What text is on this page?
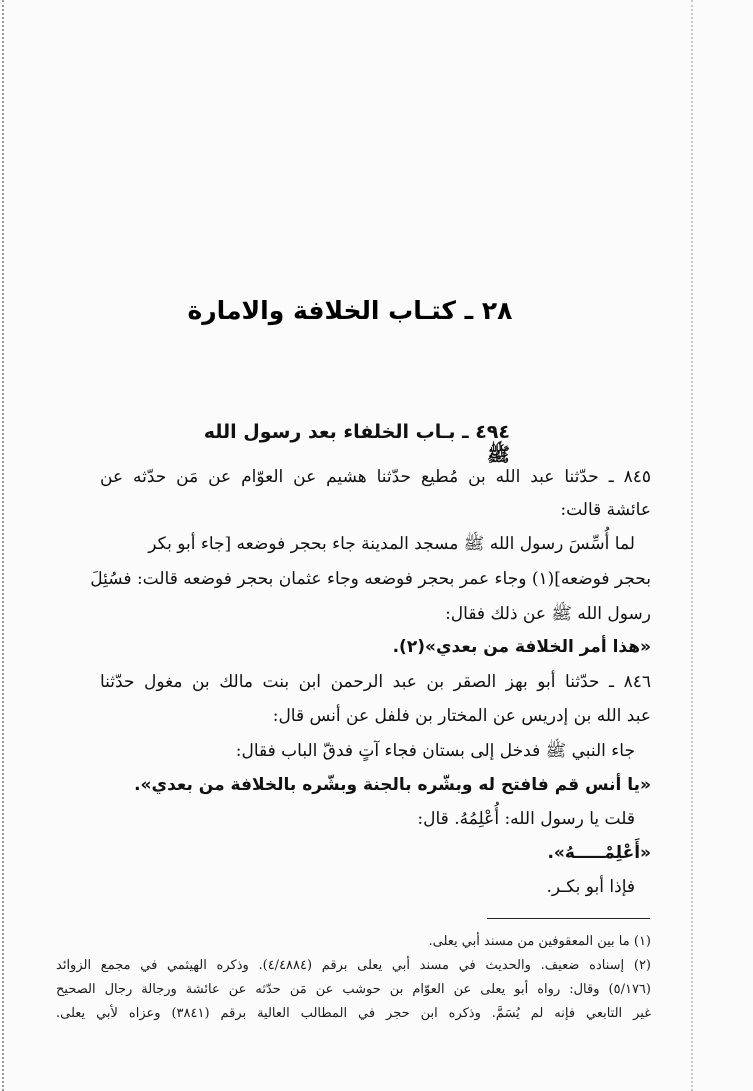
٢٨ ـ كتـاب الخلافة والامارة
٤٩٤ ـ بـاب الخلفاء بعد رسول الله ﷺ
٨٤٥ ـ حدّثنا عبد الله بن مُطيع حدّثنا هشيم عن العوّام عن مَن حدّثه عن
عائشة قالت:
لما أُسِّسَ رسول الله ﷺ مسجد المدينة جاء بحجر فوضعه [جاء أبو بكر
بحجر فوضعه](١) وجاء عمر بحجر فوضعه وجاء عثمان بحجر فوضعه قالت: فسُئِلَ
رسول الله ﷺ عن ذلك فقال:
«هذا أمر الخلافة من بعدي»(٢).
٨٤٦ ـ حدّثنا أبو بهز الصقر بن عبد الرحمن ابن بنت مالك بن مغول حدّثنا
عبد الله بن إدريس عن المختار بن فلفل عن أنس قال:
جاء النبي ﷺ فدخل إلى بستان فجاء آتٍ فدقّ الباب فقال:
«يا أنس قم فافتح له وبشّره بالجنة وبشّره بالخلافة من بعدي».
قلت يا رسول الله: أُعْلِمُهُ. قال:
«أَعْلِمْـــــهُ».
فإذا أبو بكـر.
(١) ما بين المعقوفين من مسند أبي يعلى.
(٢) إسناده ضعيف. والحديث في مسند أبي يعلى برقم (٤/٤٨٨٤). وذكره الهيثمي في مجمع الزوائد
(٥/١٧٦) وقال: رواه أبو يعلى عن العوّام بن حوشب عن مَن حدّثه عن عائشة ورجالة رجال الصحيح
غير التابعي فإنه لم يُسَمَّ. وذكره ابن حجر في المطالب العالية برقم (٣٨٤١) وعزاه لأبي يعلى.
